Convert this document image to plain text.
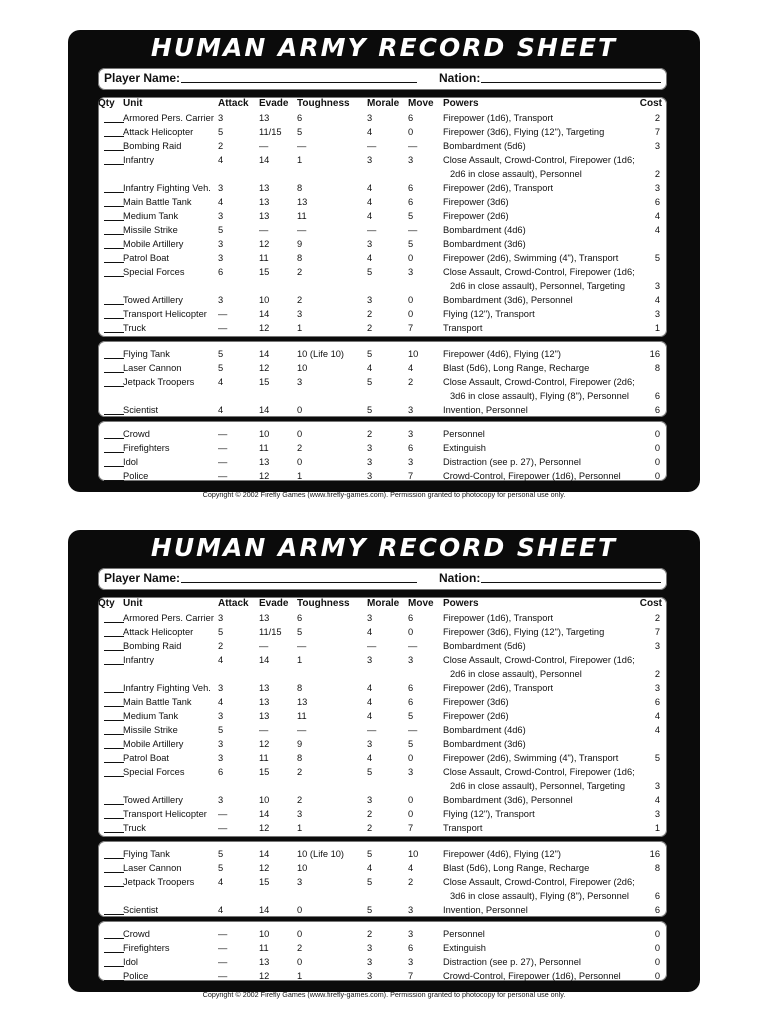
HUMAN ARMY RECORD SHEET
Player Name:	Nation:
Qty Unit	Attack Evade Toughness Morale Move Powers	Cost
Armored Pers. Carrier 3	13	6	3	6	Firepower (1d6), Transport	2
Attack Helicopter	5	11/15 5	4	0	Firepower (3d6), Flying (12"), Targeting	7
Bombing Raid	2	—	—	—	—	Bombardment (5d6)	3
Infantry	4	14	1	3	3	Close Assault, Crowd-Control, Firepower (1d6;
2d6 in close assault), Personnel	2
Infantry Fighting Veh. 3	13	8	4	6	Firepower (2d6), Transport	3
Main Battle Tank	4	13	13	4	6	Firepower (3d6)	6
Medium Tank	3	13	11	4	5	Firepower (2d6)	4
Missile Strike	5	—	—	—	—	Bombardment (4d6)	4
Mobile Artillery	3	12	9	3	5	Bombardment (3d6)
Patrol Boat	3	11	8	4	0	Firepower (2d6), Swimming (4"), Transport	5
Special Forces	6	15	2	5	3	Close Assault, Crowd-Control, Firepower (1d6;
2d6 in close assault), Personnel, Targeting	3
Towed Artillery	3	10	2	3	0	Bombardment (3d6), Personnel	4
Transport Helicopter —	14	3	2	0	Flying (12"), Transport	3
Truck	—	12	1	2	7	Transport	1
Flying Tank	5	14	10 (Life 10) 5	10	Firepower (4d6), Flying (12")	16
Laser Cannon	5	12	10	4	4	Blast (5d6), Long Range, Recharge	8
Jetpack Troopers	4	15	3	5	2	Close Assault, Crowd-Control, Firepower (2d6;
3d6 in close assault), Flying (8"), Personnel	6
Scientist	4	14	0	5	3	Invention, Personnel	6
Crowd	—	10	0	2	3	Personnel	0
Firefighters	—	11	2	3	6	Extinguish	0
Idol	—	13	0	3	3	Distraction (see p. 27), Personnel	0
Police	—	12	1	3	7	Crowd-Control, Firepower (1d6), Personnel	0
Copyright © 2002 Firefly Games (www.firefly-games.com). Permission granted to photocopy for personal use only.
HUMAN ARMY RECORD SHEET
Player Name:	Nation:
Qty Unit	Attack Evade Toughness Morale Move Powers	Cost
Armored Pers. Carrier 3	13	6	3	6	Firepower (1d6), Transport	2
Attack Helicopter	5	11/15 5	4	0	Firepower (3d6), Flying (12"), Targeting	7
Bombing Raid	2	—	—	—	—	Bombardment (5d6)	3
Infantry	4	14	1	3	3	Close Assault, Crowd-Control, Firepower (1d6;
2d6 in close assault), Personnel	2
Infantry Fighting Veh. 3	13	8	4	6	Firepower (2d6), Transport	3
Main Battle Tank	4	13	13	4	6	Firepower (3d6)	6
Medium Tank	3	13	11	4	5	Firepower (2d6)	4
Missile Strike	5	—	—	—	—	Bombardment (4d6)	4
Mobile Artillery	3	12	9	3	5	Bombardment (3d6)
Patrol Boat	3	11	8	4	0	Firepower (2d6), Swimming (4"), Transport	5
Special Forces	6	15	2	5	3	Close Assault, Crowd-Control, Firepower (1d6;
2d6 in close assault), Personnel, Targeting	3
Towed Artillery	3	10	2	3	0	Bombardment (3d6), Personnel	4
Transport Helicopter —	14	3	2	0	Flying (12"), Transport	3
Truck	—	12	1	2	7	Transport	1
Flying Tank	5	14	10 (Life 10) 5	10	Firepower (4d6), Flying (12")	16
Laser Cannon	5	12	10	4	4	Blast (5d6), Long Range, Recharge	8
Jetpack Troopers	4	15	3	5	2	Close Assault, Crowd-Control, Firepower (2d6;
3d6 in close assault), Flying (8"), Personnel	6
Scientist	4	14	0	5	3	Invention, Personnel	6
Crowd	—	10	0	2	3	Personnel	0
Firefighters	—	11	2	3	6	Extinguish	0
Idol	—	13	0	3	3	Distraction (see p. 27), Personnel	0
Police	—	12	1	3	7	Crowd-Control, Firepower (1d6), Personnel	0
Copyright © 2002 Firefly Games (www.firefly-games.com). Permission granted to photocopy for personal use only.
